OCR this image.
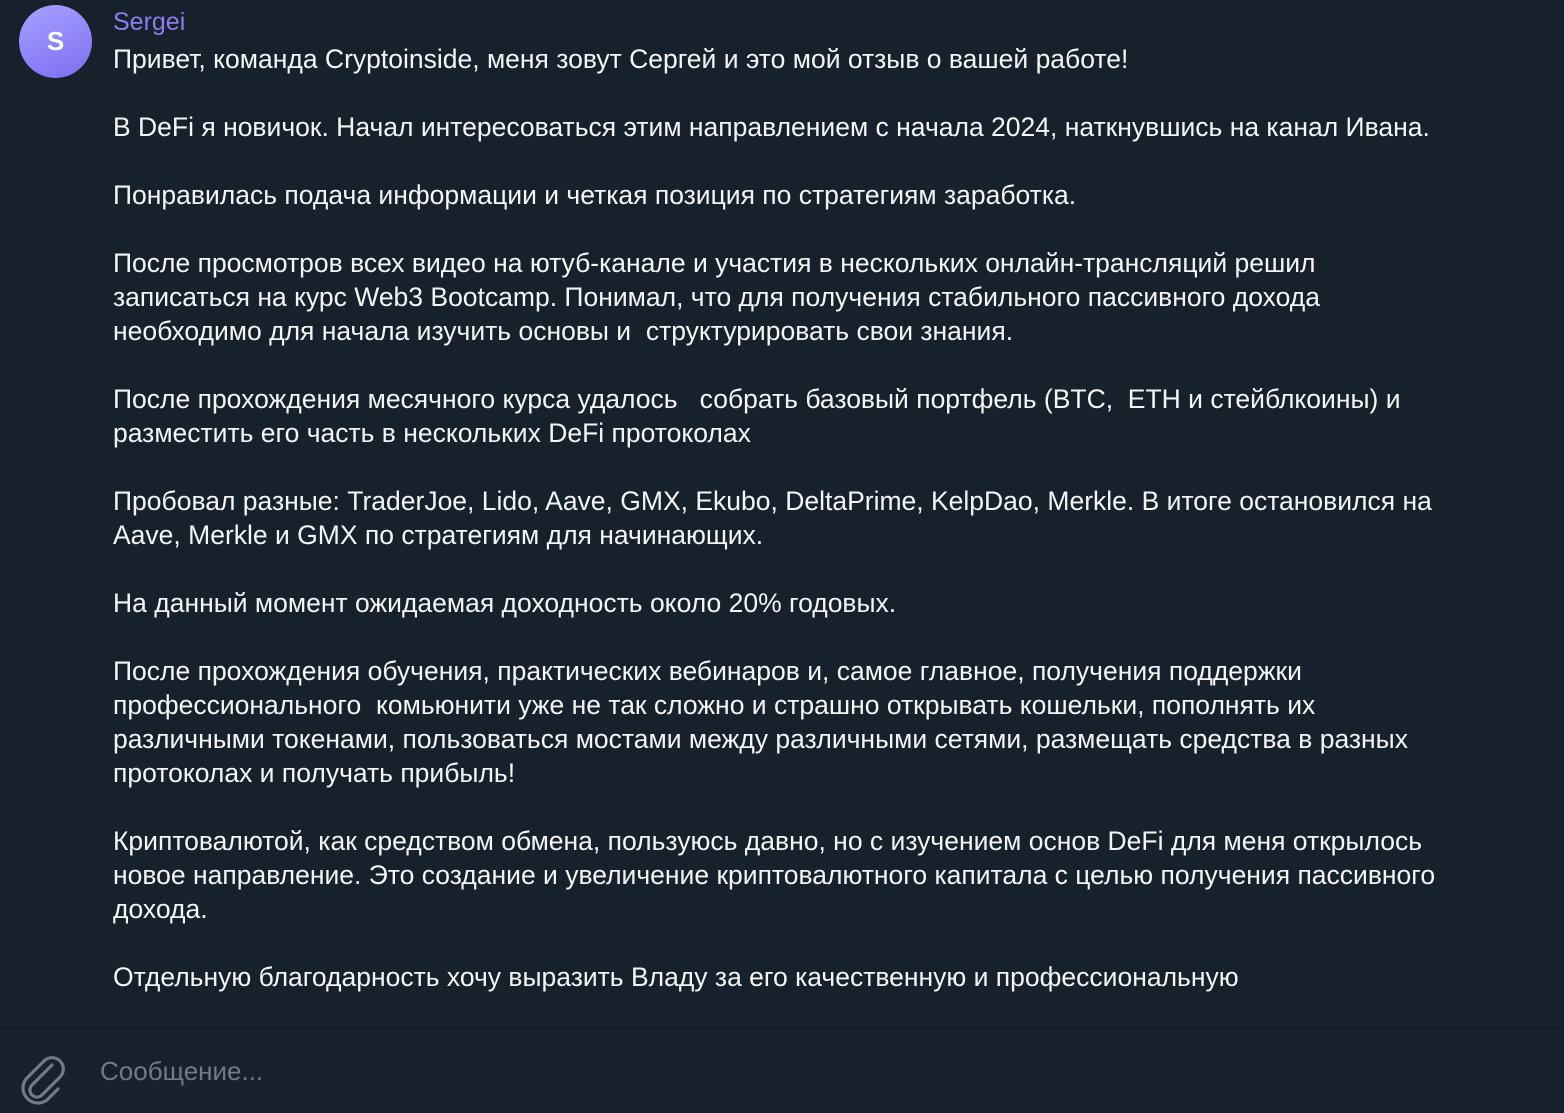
S
Sergei

Привет, команда Cryptoinside, меня зовут Сергей и это мой отзыв о вашей работе!

В DeFi я новичок. Начал интересоваться этим направлением с начала 2024, наткнувшись на канал Ивана.

Понравилась подача информации и четкая позиция по стратегиям заработка.

После просмотров всех видео на ютуб-канале и участия в нескольких онлайн-трансляций решил записаться на курс Web3 Bootcamp. Понимал, что для получения стабильного пассивного дохода необходимо для начала изучить основы и  структурировать свои знания.

После прохождения месячного курса удалось   собрать базовый портфель (BTC,  ETH и стейблкоины) и разместить его часть в нескольких DeFi протоколах

Пробовал разные: TraderJoe, Lido, Aave, GMX, Ekubo, DeltaPrime, KelpDao, Merkle. В итоге остановился на Aave, Merkle и GMX по стратегиям для начинающих.

На данный момент ожидаемая доходность около 20% годовых.

После прохождения обучения, практических вебинаров и, самое главное, получения поддержки профессионального  комьюнити уже не так сложно и страшно открывать кошельки, пополнять их различными токенами, пользоваться мостами между различными сетями, размещать средства в разных протоколах и получать прибыль!

Криптовалютой, как средством обмена, пользуюсь давно, но с изучением основ DeFi для меня открылось новое направление. Это создание и увеличение криптовалютного капитала с целью получения пассивного дохода.

Отдельную благодарность хочу выразить Владу за его качественную и профессиональную

Сообщение...
